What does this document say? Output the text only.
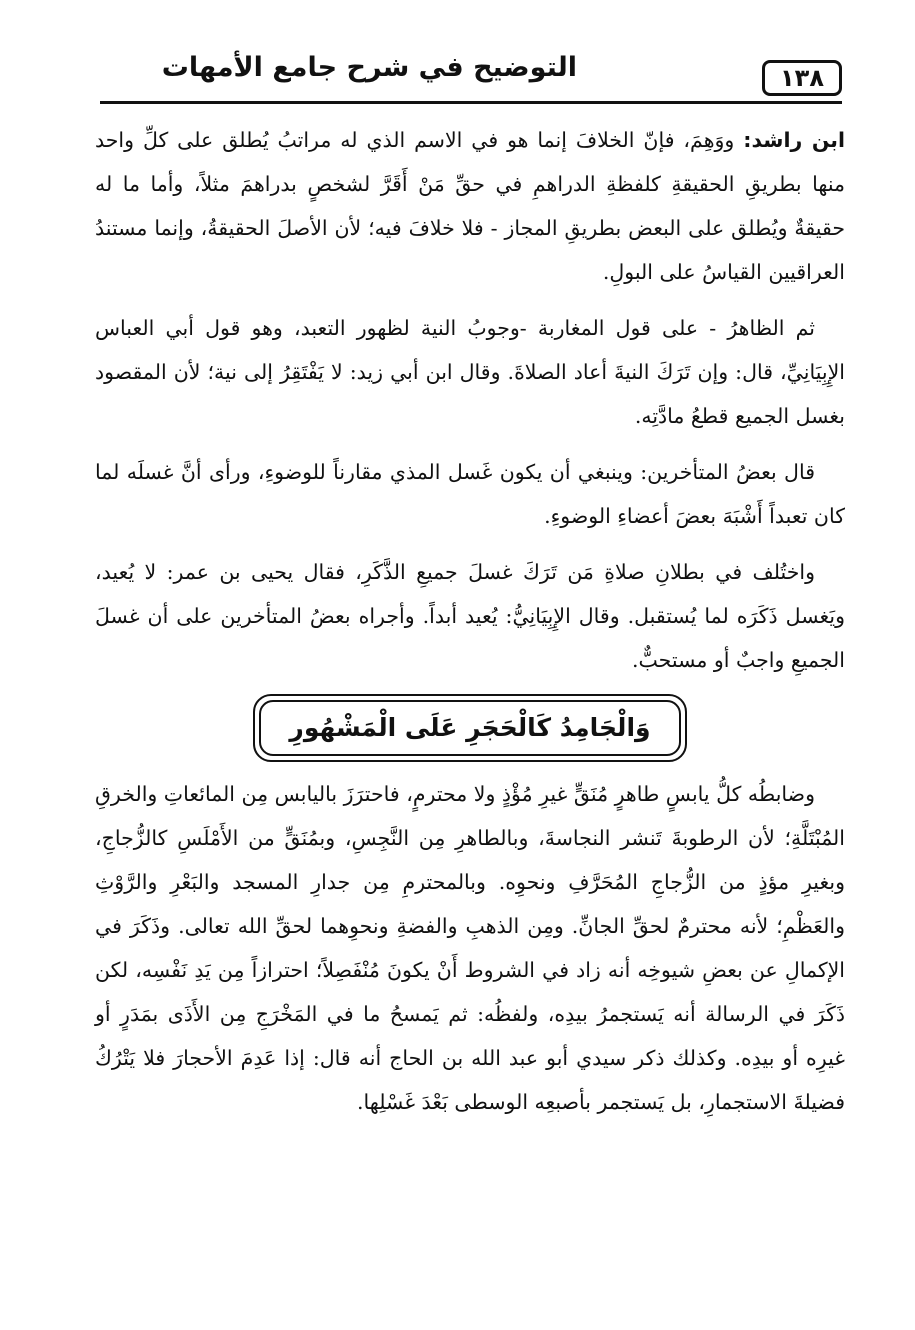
التوضيح في شرح جامع الأمهات	١٣٨

ابن راشد: ووَهِمَ، فإنّ الخلافَ إنما هو في الاسم الذي له مراتبُ يُطلق على كلِّ واحد منها بطريقِ الحقيقةِ كلفظةِ الدراهمِ في حقِّ مَنْ أَقَرَّ لشخصٍ بدراهمَ مثلاً، وأما ما له حقيقةٌ ويُطلق على البعض بطريقِ المجاز - فلا خلافَ فيه؛ لأن الأصلَ الحقيقةُ، وإنما مستندُ العراقيين القياسُ على البولِ.

ثم الظاهرُ - على قول المغاربة -وجوبُ النية لظهور التعبد، وهو قول أبي العباس الإِبِيَانِيِّ، قال: وإن تَرَكَ النيةَ أعاد الصلاةَ. وقال ابن أبي زيد: لا يَفْتَقِرُ إلى نية؛ لأن المقصود بغسل الجميع قطعُ مادَّتِه.

قال بعضُ المتأخرين: وينبغي أن يكون غَسل المذي مقارناً للوضوءِ، ورأى أنَّ غسلَه لما كان تعبداً أَشْبَهَ بعضَ أعضاءِ الوضوءِ.

واختُلف في بطلانِ صلاةِ مَن تَرَكَ غسلَ جميعِ الذَّكَرِ، فقال يحيى بن عمر: لا يُعيد، ويَغسل ذَكَرَه لما يُستقبل. وقال الإِبِيَانِيُّ: يُعيد أبداً. وأجراه بعضُ المتأخرين على أن غسلَ الجميعِ واجبٌ أو مستحبٌّ.

وَالْجَامِدُ كَالْحَجَرِ عَلَى الْمَشْهُورِ

وضابطُه كلُّ يابسٍ طاهرٍ مُنَقٍّ غيرِ مُؤْذٍ ولا محترمٍ، فاحترَزَ باليابس مِن المائعاتِ والخرقِ المُبْتَلَّةِ؛ لأن الرطوبةَ تَنشر النجاسةَ، وبالطاهرِ مِن النَّجِسِ، وبمُنَقٍّ من الأَمْلَسِ كالزُّجاجِ، وبغيرِ مؤذٍ من الزُّجاجِ المُحَرَّفِ ونحوِه. وبالمحترمِ مِن جدارِ المسجد والبَعْرِ والرَّوْثِ والعَظْمِ؛ لأنه محترمٌ لحقِّ الجانِّ. ومِن الذهبِ والفضةِ ونحوِهما لحقِّ الله تعالى. وذَكَرَ في الإكمالِ عن بعضِ شيوخِه أنه زاد في الشروط أَنْ يكونَ مُنْفَصِلاً؛ احترازاً مِن يَدِ نَفْسِه، لكن ذَكَرَ في الرسالة أنه يَستجمرُ بيدِه، ولفظُه: ثم يَمسحُ ما في المَخْرَجِ مِن الأَذَى بمَدَرٍ أو غيرِه أو بيدِه. وكذلك ذكر سيدي أبو عبد الله بن الحاج أنه قال: إذا عَدِمَ الأحجارَ فلا يَتْرُكُ فضيلةَ الاستجمارِ، بل يَستجمر بأصبعِه الوسطى بَعْدَ غَسْلِها.
